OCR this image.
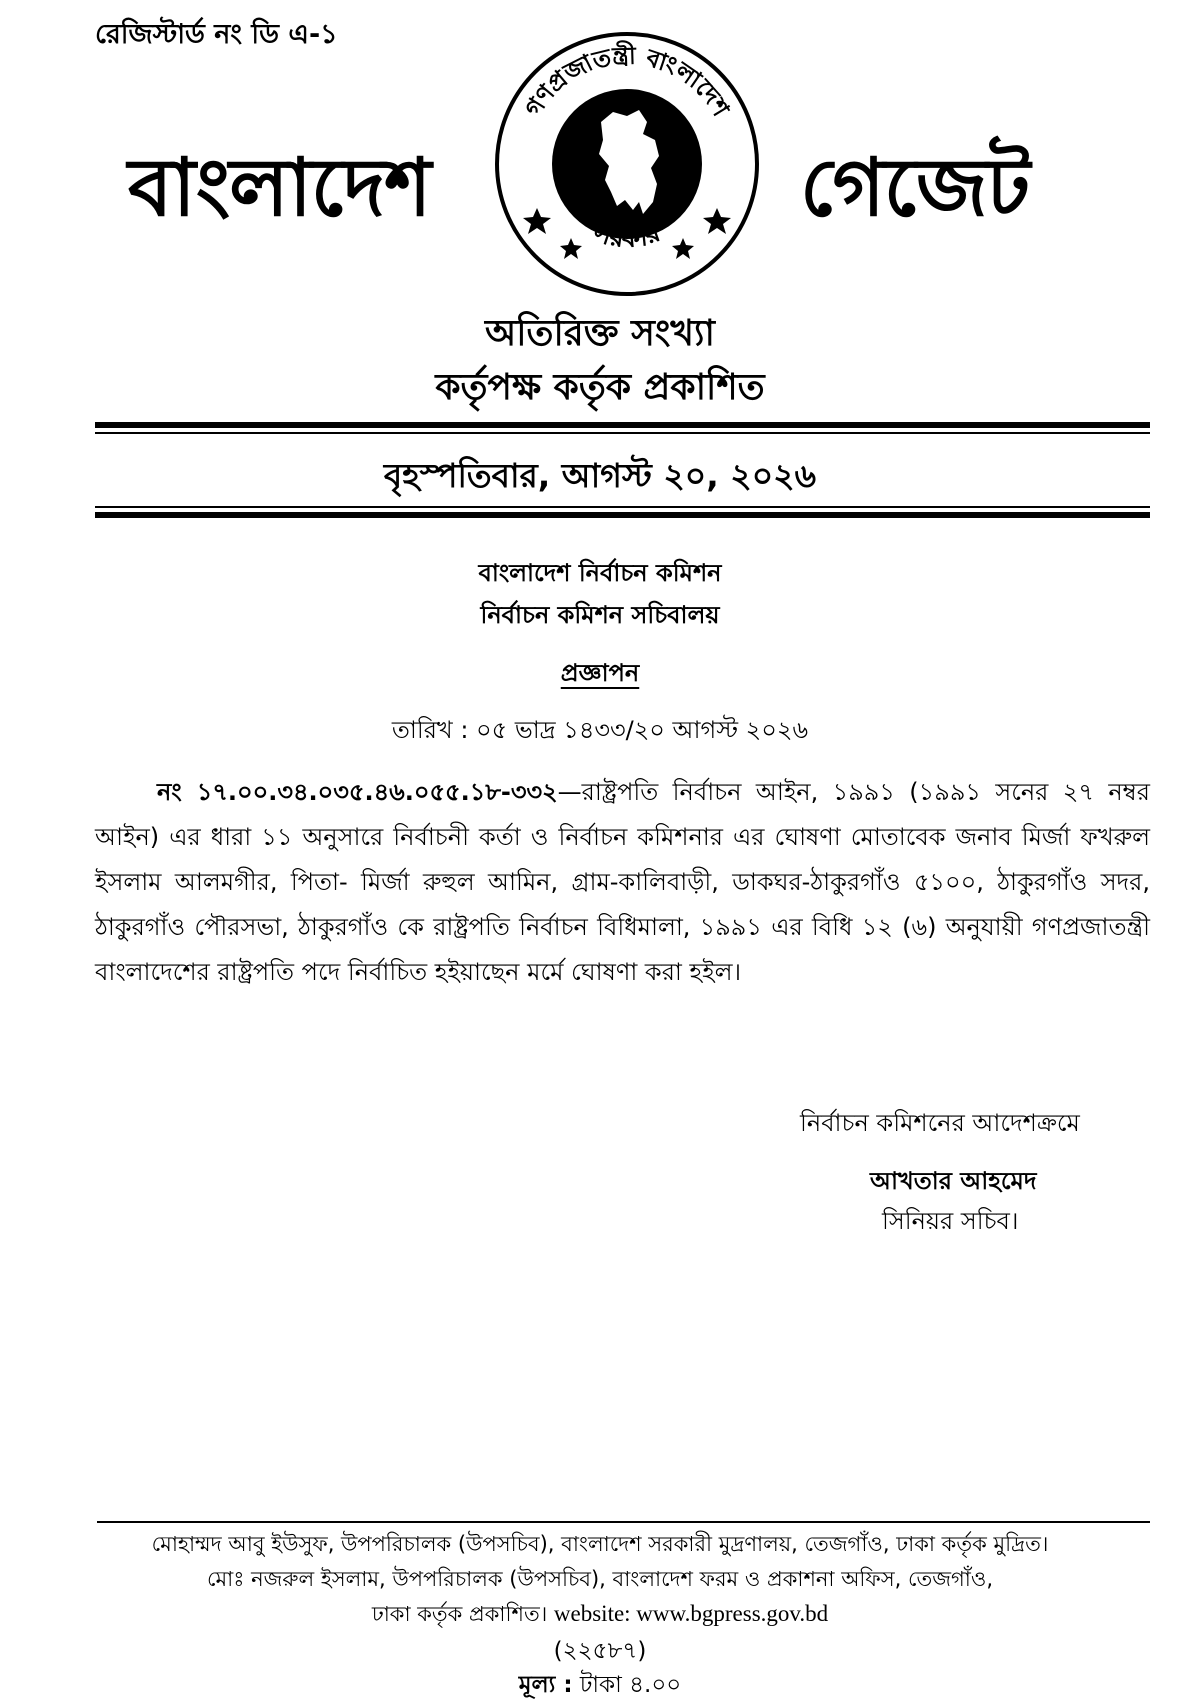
রেজিস্টার্ড নং ডি এ-১
বাংলাদেশ
গণপ্রজাতন্ত্রী বাংলাদেশ
সরকার
গেজেট
অতিরিক্ত সংখ্যা
কর্তৃপক্ষ কর্তৃক প্রকাশিত
বৃহস্পতিবার, আগস্ট ২০, ২০২৬
বাংলাদেশ নির্বাচন কমিশন
নির্বাচন কমিশন সচিবালয়
প্রজ্ঞাপন
তারিখ : ০৫ ভাদ্র ১৪৩৩/২০ আগস্ট ২০২৬
নং ১৭.০০.৩৪.০৩৫.৪৬.০৫৫.১৮-৩৩২—রাষ্ট্রপতি নির্বাচন আইন, ১৯৯১ (১৯৯১ সনের ২৭ নম্বর আইন) এর ধারা ১১ অনুসারে নির্বাচনী কর্তা ও নির্বাচন কমিশনার এর ঘোষণা মোতাবেক জনাব মির্জা ফখরুল ইসলাম আলমগীর, পিতা- মির্জা রুহুল আমিন, গ্রাম-কালিবাড়ী, ডাকঘর-ঠাকুরগাঁও ৫১০০, ঠাকুরগাঁও সদর, ঠাকুরগাঁও পৌরসভা, ঠাকুরগাঁও কে রাষ্ট্রপতি নির্বাচন বিধিমালা, ১৯৯১ এর বিধি ১২ (৬) অনুযায়ী গণপ্রজাতন্ত্রী বাংলাদেশের রাষ্ট্রপতি পদে নির্বাচিত হইয়াছেন মর্মে ঘোষণা করা হইল।
নির্বাচন কমিশনের আদেশক্রমে
আখতার আহমেদ
সিনিয়র সচিব।
মোহাম্মদ আবু ইউসুফ, উপপরিচালক (উপসচিব), বাংলাদেশ সরকারী মুদ্রণালয়, তেজগাঁও, ঢাকা কর্তৃক মুদ্রিত।
মোঃ নজরুল ইসলাম, উপপরিচালক (উপসচিব), বাংলাদেশ ফরম ও প্রকাশনা অফিস, তেজগাঁও,
ঢাকা কর্তৃক প্রকাশিত। website: www.bgpress.gov.bd
(২২৫৮৭)
মূল্য : টাকা ৪.০০
